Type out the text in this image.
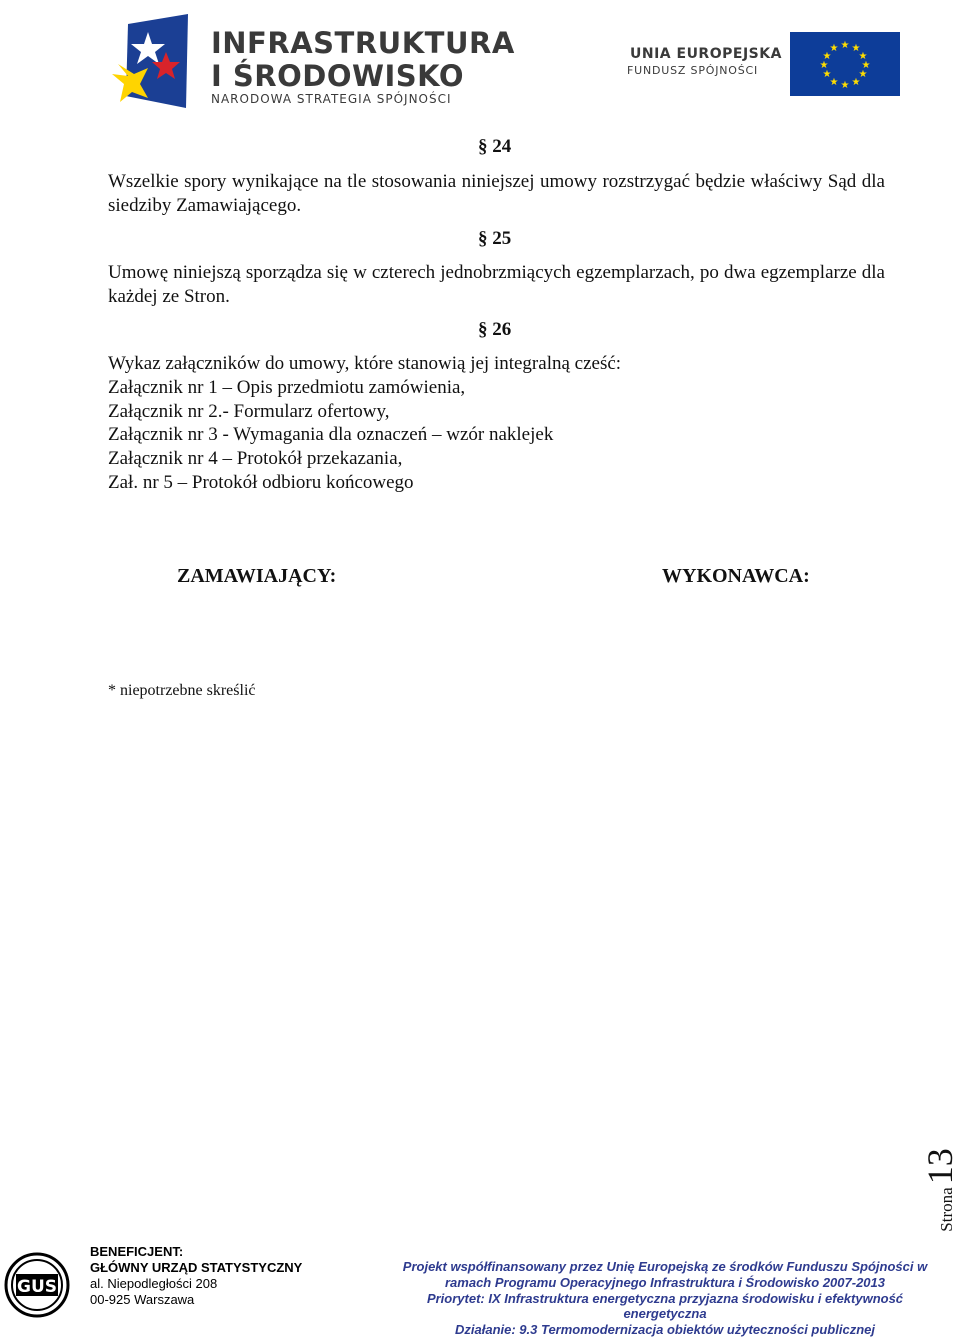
INFRASTRUKTURA
I ŚRODOWISKO
NARODOWA STRATEGIA SPÓJNOŚCI
UNIA EUROPEJSKA
FUNDUSZ SPÓJNOŚCI
★ ★
★
★
★
★
★
★
★
★
★
★
§ 24
Wszelkie spory wynikające na tle stosowania niniejszej umowy rozstrzygać będzie właściwy Sąd dla siedziby Zamawiającego.
§ 25
Umowę niniejszą sporządza się w czterech jednobrzmiących egzemplarzach, po dwa egzemplarze dla każdej ze Stron.
§ 26
Wykaz załączników do umowy, które stanowią jej integralną cześć:
Załącznik nr 1 – Opis przedmiotu zamówienia,
Załącznik nr 2.- Formularz ofertowy,
Załącznik nr 3 - Wymagania dla oznaczeń – wzór naklejek
Załącznik nr 4 – Protokół przekazania,
Zał. nr 5 – Protokół odbioru końcowego
ZAMAWIAJĄCY:	WYKONAWCA:
* niepotrzebne skreślić
Strona13
GUS
BENEFICJENT:
GŁÓWNY URZĄD STATYSTYCZNY
al. Niepodległości 208
00-925 Warszawa
Projekt współfinansowany przez Unię Europejską ze środków Funduszu Spójności w
ramach Programu Operacyjnego Infrastruktura i Środowisko 2007-2013
Priorytet: IX Infrastruktura energetyczna przyjazna środowisku i efektywność
energetyczna
Działanie: 9.3 Termomodernizacja obiektów użyteczności publicznej
